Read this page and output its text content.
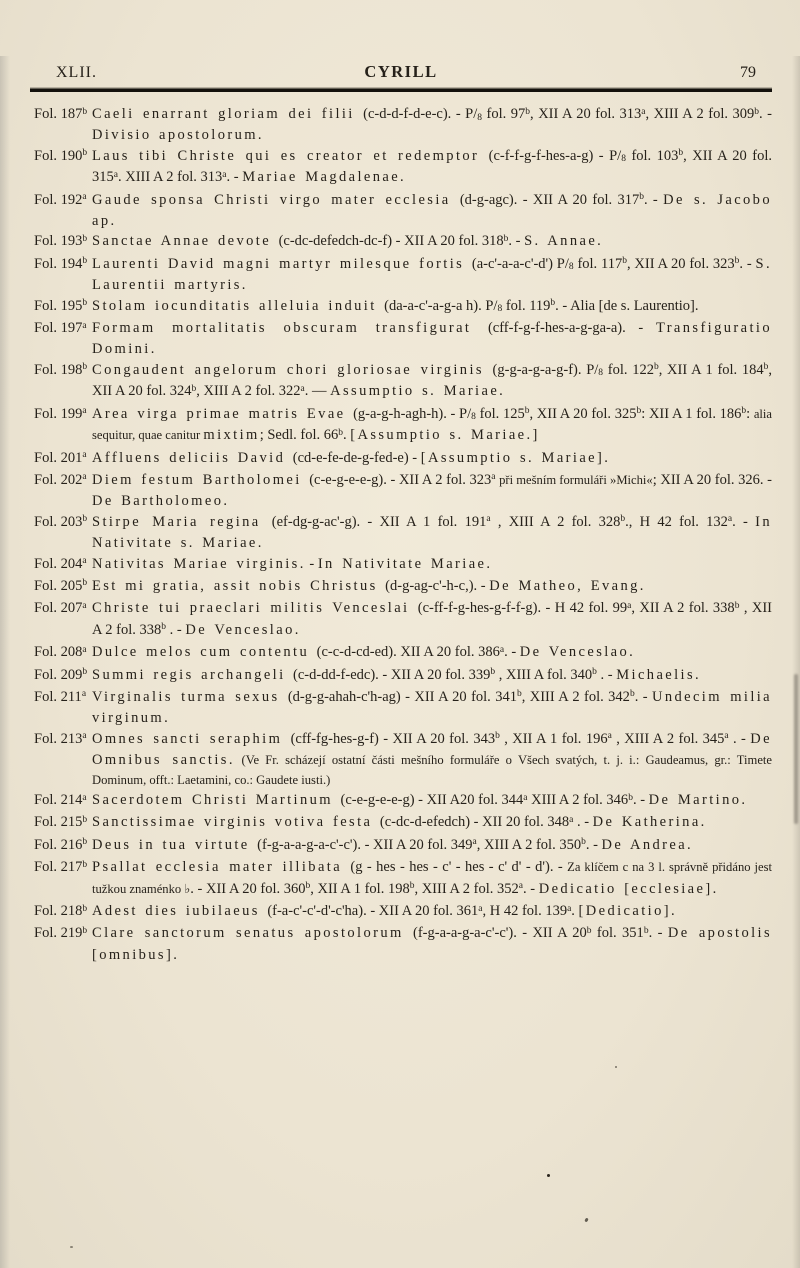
XLII.	CYRILL	79

Fol. 187$^b$ Caeli enarrant gloriam dei filii (c-d-d-f-d-e-c). - P/8 fol. 97$^b$, XII A 20 fol. 313$^a$, XIII A 2 fol. 309$^b$. - Divisio apostolorum.

Fol. 190$^b$ Laus tibi Christe qui es creator et redemptor (c-f-f-g-f-hes-a-g) - P/8 fol. 103$^b$, XII A 20 fol. 315$^a$. XIII A 2 fol. 313$^a$. - Mariae Magdalenae.

Fol. 192$^a$ Gaude sponsa Christi virgo mater ecclesia (d-g-agc). - XII A 20 fol. 317$^b$. - De s. Jacobo ap.

Fol. 193$^b$ Sanctae Annae devote (c-dc-defedch-dc-f) - XII A 20 fol. 318$^b$. - S. Annae.

Fol. 194$^b$ Laurenti David magni martyr milesque fortis (a-c'-a-a-c'-d') P/8 fol. 117$^b$, XII A 20 fol. 323$^b$. - S. Laurentii martyris.

Fol. 195$^b$ Stolam iocunditatis alleluia induit (da-a-c'-a-g-a h). P/8 fol. 119$^b$. - Alia [de s. Laurentio].

Fol. 197$^a$ Formam mortalitatis obscuram transfigurat (cff-f-g-f-hes-a-g-ga-a). - Transfiguratio Domini.

Fol. 198$^b$ Congaudent angelorum chori gloriosae virginis (g-g-a-g-a-g-f). P/8 fol. 122$^b$, XII A 1 fol. 184$^b$, XII A 20 fol. 324$^b$, XIII A 2 fol. 322$^a$. — Assumptio s. Mariae.

Fol. 199$^a$ Area virga primae matris Evae (g-a-g-h-agh-h). - P/8 fol. 125$^b$, XII A 20 fol. 325$^b$: XII A 1 fol. 186$^b$: alia sequitur, quae canitur mixtim; Sedl. fol. 66$^b$. [Assumptio s. Mariae.]

Fol. 201$^a$ Affluens deliciis David (cd-e-fe-de-g-fed-e) - [Assumptio s. Mariae].

Fol. 202$^a$ Diem festum Bartholomei (c-e-g-e-e-g). - XII A 2 fol. 323$^a$ při mešním formuláři »Michi«; XII A 20 fol. 326. - De Bartholomeo.

Fol. 203$^b$ Stirpe Maria regina (ef-dg-g-ac'-g). - XII A 1 fol. 191$^a$ , XIII A 2 fol. 328$^b$., H 42 fol. 132$^a$. - In Nativitate s. Mariae.

Fol. 204$^a$ Nativitas Mariae virginis. - In Nativitate Mariae.

Fol. 205$^b$ Est mi gratia, assit nobis Christus (d-g-ag-c'-h-c,). - De Matheo, Evang.

Fol. 207$^a$ Christe tui praeclari militis Venceslai (c-ff-f-g-hes-g-f-f-g). - H 42 fol. 99$^a$, XII A 2 fol. 338$^b$ , XII A 2 fol. 338$^b$ . - De Venceslao.

Fol. 208$^a$ Dulce melos cum contentu (c-c-d-cd-ed). XII A 20 fol. 386$^a$. - De Venceslao.

Fol. 209$^b$ Summi regis archangeli (c-d-dd-f-edc). - XII A 20 fol. 339$^b$ , XIII A fol. 340$^b$ . - Michaelis.

Fol. 211$^a$ Virginalis turma sexus (d-g-g-ahah-c'h-ag) - XII A 20 fol. 341$^b$, XIII A 2 fol. 342$^b$. - Undecim milia virginum.

Fol. 213$^a$ Omnes sancti seraphim (cff-fg-hes-g-f) - XII A 20 fol. 343$^b$ , XII A 1 fol. 196$^a$ , XIII A 2 fol. 345$^a$ . - De Omnibus sanctis. (Ve Fr. scházejí ostatní části mešního formuláře o Všech svatých, t. j. i.: Gaudeamus, gr.: Timete Dominum, offt.: Laetamini, co.: Gaudete iusti.)

Fol. 214$^a$ Sacerdotem Christi Martinum (c-e-g-e-e-g) - XII A20 fol. 344$^a$ XIII A 2 fol. 346$^b$. - De Martino.

Fol. 215$^b$ Sanctissimae virginis votiva festa (c-dc-d-efedch) - XII 20 fol. 348$^a$ . - De Katherina.

Fol. 216$^b$ Deus in tua virtute (f-g-a-a-g-a-c'-c'). - XII A 20 fol. 349$^a$, XIII A 2 fol. 350$^b$. - De Andrea.

Fol. 217$^b$ Psallat ecclesia mater illibata (g - hes - hes - c' - hes - c' d' - d'). - Za klíčem c na 3 l. správně přidáno jest tužkou znaménko ♭. - XII A 20 fol. 360$^b$, XII A 1 fol. 198$^b$, XIII A 2 fol. 352$^a$. - Dedicatio [ecclesiae].

Fol. 218$^b$ Adest dies iubilaeus (f-a-c'-c'-d'-c'ha). - XII A 20 fol. 361$^a$, H 42 fol. 139$^a$. [Dedicatio].

Fol. 219$^b$ Clare sanctorum senatus apostolorum (f-g-a-a-g-a-c'-c'). - XII A 20$^b$ fol. 351$^b$. - De apostolis [omnibus].
